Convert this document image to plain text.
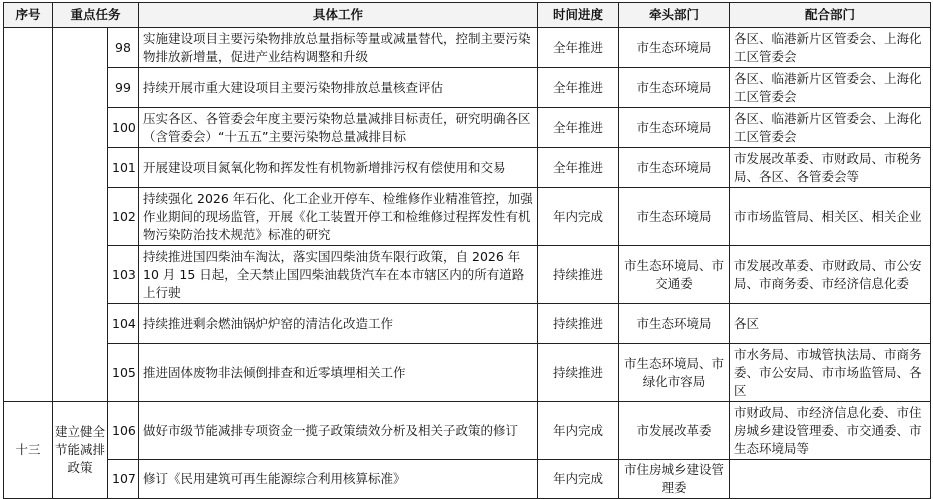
序号	重点任务		具体工作	时间进度	牵头部门	配合部门
		98	实施建设项目主要污染物排放总量指标等量或减量替代，控制主要污染物排放新增量，促进产业结构调整和升级	全年推进	市生态环境局	各区、临港新片区管委会、上海化工区管委会
		99	持续开展市重大建设项目主要污染物排放总量核查评估	全年推进	市生态环境局	各区、临港新片区管委会、上海化工区管委会
		100	压实各区、各管委会年度主要污染物总量减排目标责任，研究明确各区（含管委会）“十五五”主要污染物总量减排目标	全年推进	市生态环境局	各区、临港新片区管委会、上海化工区管委会
		101	开展建设项目氮氧化物和挥发性有机物新增排污权有偿使用和交易	全年推进	市生态环境局	市发展改革委、市财政局、市税务局、各区、各管委会等
		102	持续强化 2026 年石化、化工企业开停车、检维修作业精准管控，加强作业期间的现场监管，开展《化工装置开停工和检维修过程挥发性有机物污染防治技术规范》标准的研究	年内完成	市生态环境局	市市场监管局、相关区、相关企业
		103	持续推进国四柴油车淘汰，落实国四柴油货车限行政策，自 2026 年 10 月 15 日起，全天禁止国四柴油载货汽车在本市辖区内的所有道路上行驶	持续推进	市生态环境局、市交通委	市发展改革委、市财政局、市公安局、市商务委、市经济信息化委
		104	持续推进剩余燃油锅炉炉窑的清洁化改造工作	持续推进	市生态环境局	各区
		105	推进固体废物非法倾倒排查和近零填埋相关工作	持续推进	市生态环境局、市绿化市容局	市水务局、市城管执法局、市商务委、市公安局、市市场监管局、各区
十三	建立健全节能减排政策	106	做好市级节能减排专项资金一揽子政策绩效分析及相关子政策的修订	年内完成	市发展改革委	市财政局、市经济信息化委、市住房城乡建设管理委、市交通委、市生态环境局等
		107	修订《民用建筑可再生能源综合利用核算标准》	年内完成	市住房城乡建设管理委	
